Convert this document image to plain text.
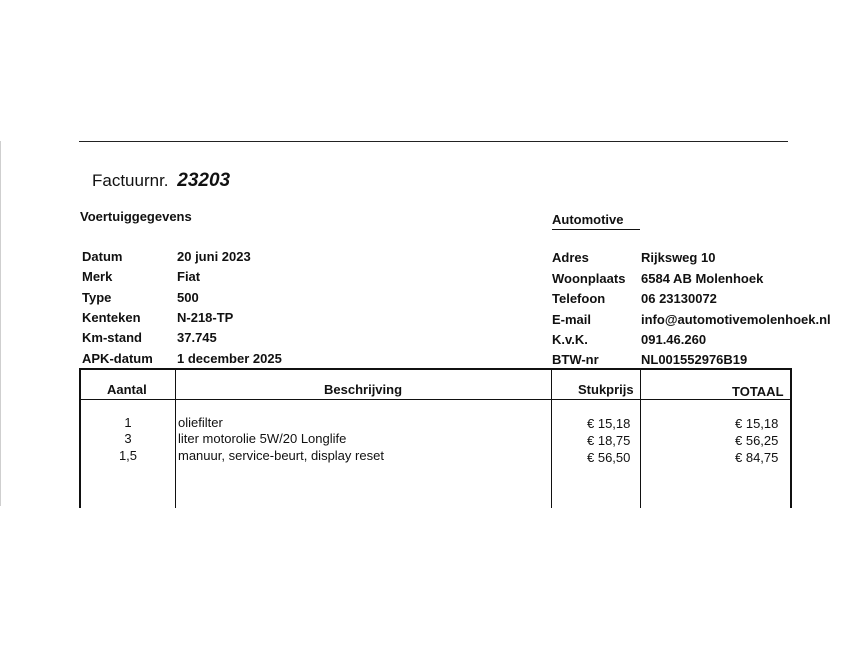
Factuurnr. 23203
Voertuiggegevens
Datum	20 juni 2023
Merk	Fiat
Type	500
Kenteken	N-218-TP
Km-stand	37.745
APK-datum 1 december 2025
Automotive
Adres	Rijksweg 10
Woonplaats 6584 AB Molenhoek
Telefoon	06 23130072
E-mail	info@automotivemolenhoek.nl
K.v.K.	091.46.260
BTW-nr	NL001552976B19
Aantal	Beschrijving	Stukprijs	TOTAAL
1	oliefilter	€ 15,18	€ 15,18
3	liter motorolie 5W/20 Longlife	€ 18,75	€ 56,25
1,5	manuur, service-beurt, display reset	€ 56,50	€ 84,75
